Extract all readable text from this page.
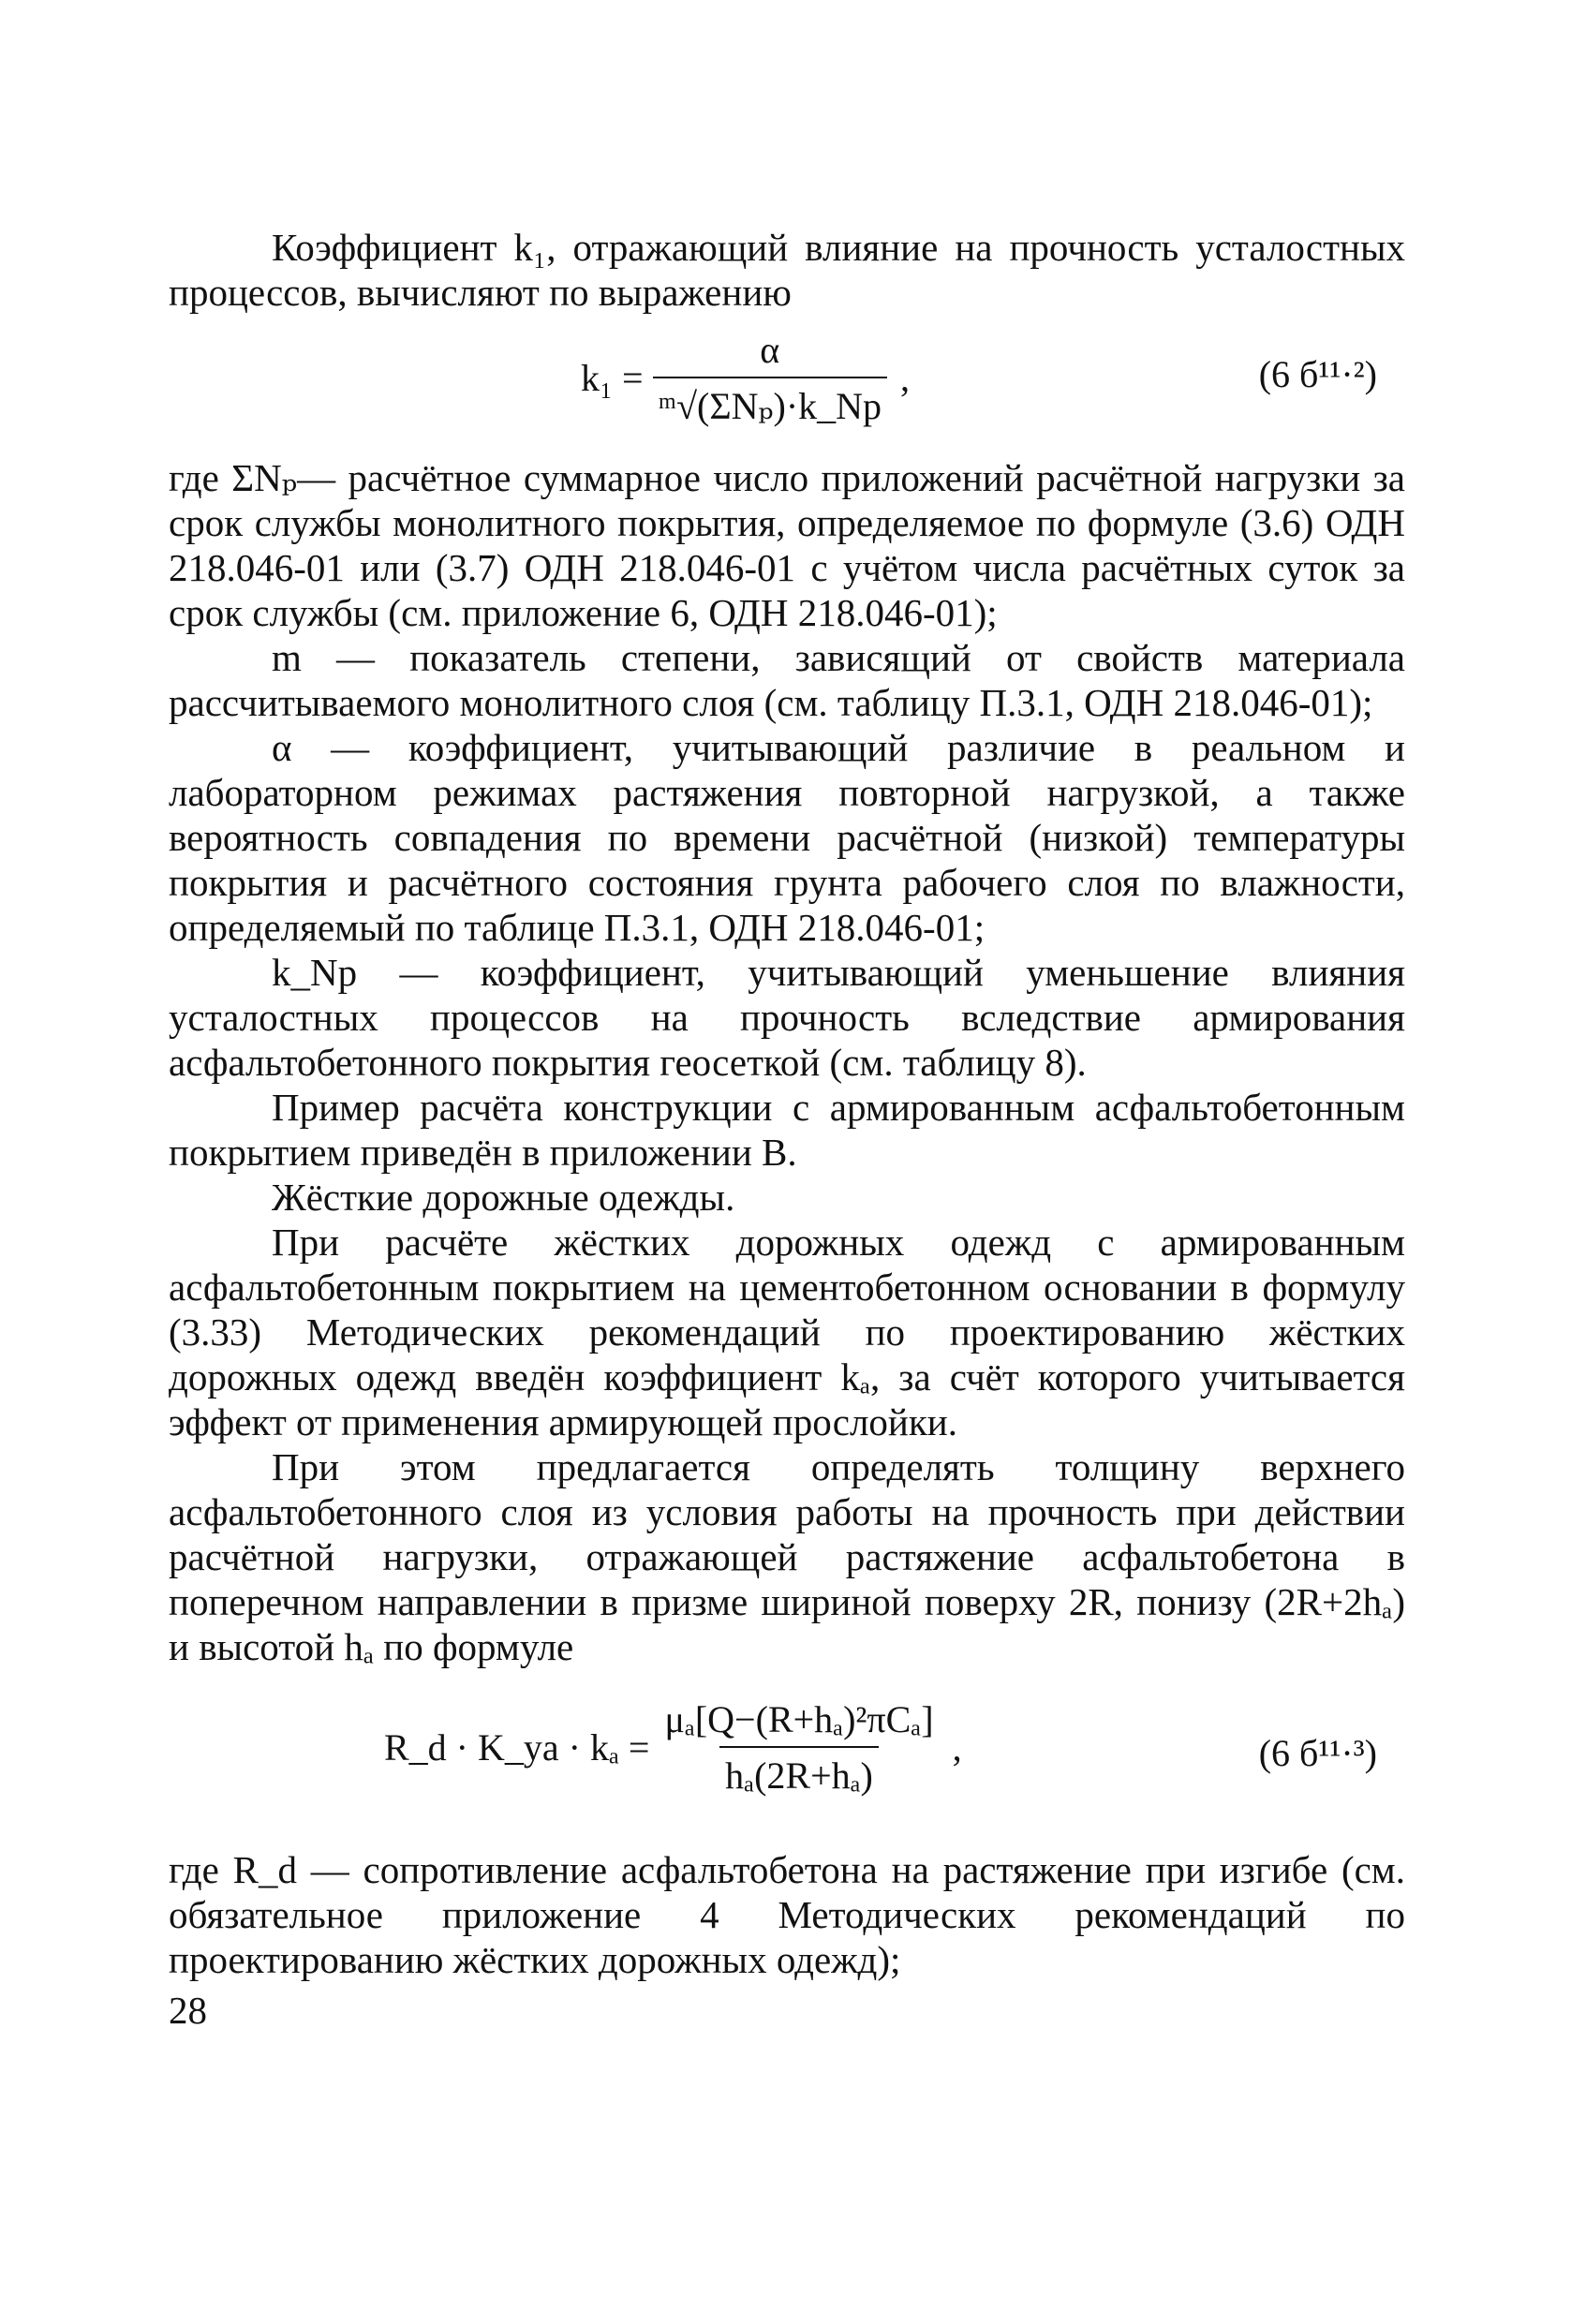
Коэффициент k₁, отражающий влияние на прочность усталостных процессов, вычисляют по выражению

$k_1 = \frac{\alpha}{\text{ᵐ√(ΣNₚ)·k\_Np}}$ ,	(6 б¹¹·²)

где ΣNₚ— расчётное суммарное число приложений расчётной нагрузки за срок службы монолитного покрытия, определяемое по формуле (3.6) ОДН 218.046-01 или (3.7) ОДН 218.046-01 с учётом числа расчётных суток за срок службы (см. приложение 6, ОДН 218.046-01);

m — показатель степени, зависящий от свойств материала рассчитываемого монолитного слоя (см. таблицу П.3.1, ОДН 218.046-01);

α — коэффициент, учитывающий различие в реальном и лабораторном режимах растяжения повторной нагрузкой, а также вероятность совпадения по времени расчётной (низкой) температуры покрытия и расчётного состояния грунта рабочего слоя по влажности, определяемый по таблице П.3.1, ОДН 218.046-01;

k_Np — коэффициент, учитывающий уменьшение влияния усталостных процессов на прочность вследствие армирования асфальтобетонного покрытия геосеткой (см. таблицу 8).

Пример расчёта конструкции с армированным асфальтобетонным покрытием приведён в приложении В.

Жёсткие дорожные одежды.

При расчёте жёстких дорожных одежд с армированным асфальтобетонным покрытием на цементобетонном основании в формулу (3.33) Методических рекомендаций по проектированию жёстких дорожных одежд введён коэффициент kₐ, за счёт которого учитывается эффект от применения армирующей прослойки.

При этом предлагается определять толщину верхнего асфальтобетонного слоя из условия работы на прочность при действии расчётной нагрузки, отражающей растяжение асфальтобетона в поперечном направлении в призме шириной поверху 2R, понизу (2R+2hₐ) и высотой hₐ по формуле

R_d · K_ya · $k_a = \frac{\text{μₐ[Q−(R+hₐ)²πCₐ]}}{\text{hₐ(2R+hₐ)}}$ ,	(6 б¹¹·³)

где R_d — сопротивление асфальтобетона на растяжение при изгибе (см. обязательное приложение 4 Методических рекомендаций по проектированию жёстких дорожных одежд);

28
